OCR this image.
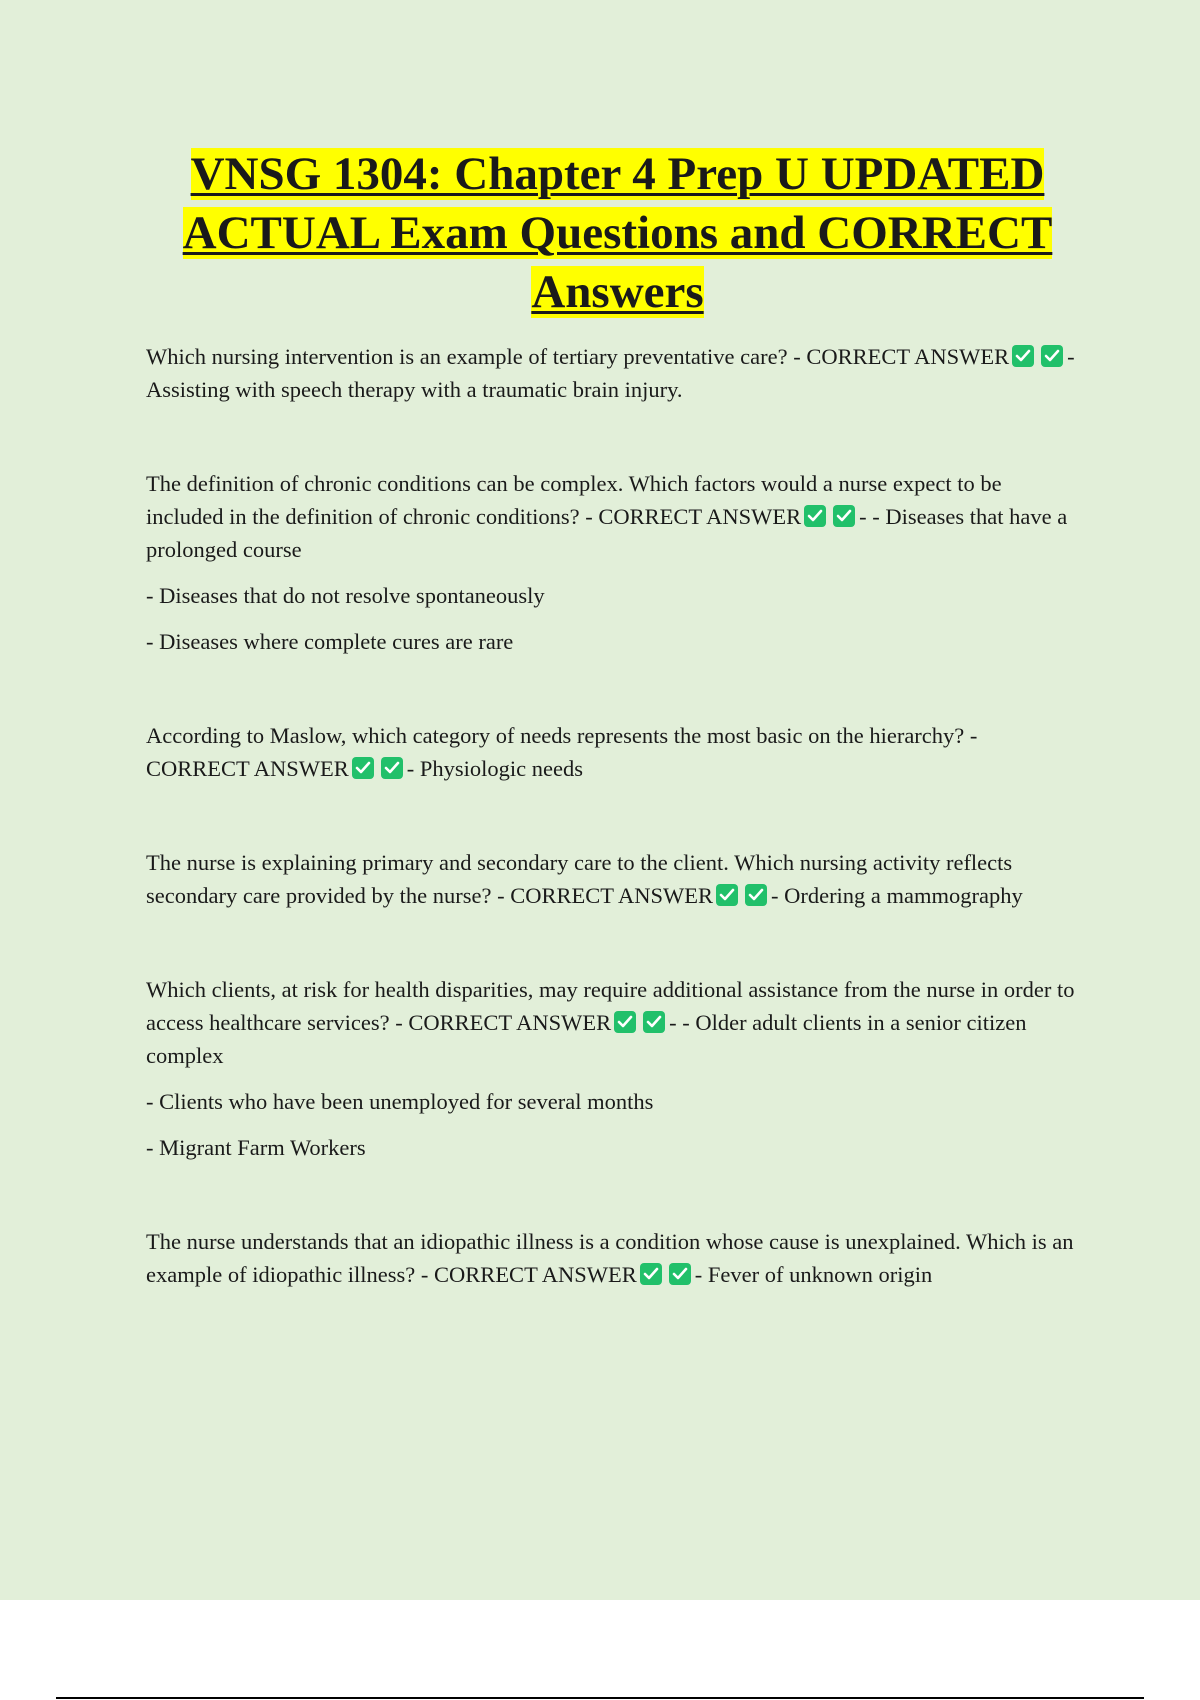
VNSG 1304: Chapter 4 Prep U UPDATED ACTUAL Exam Questions and CORRECT Answers

Which nursing intervention is an example of tertiary preventative care? - CORRECT ANSWER	- Assisting with speech therapy with a traumatic brain injury.

The definition of chronic conditions can be complex. Which factors would a nurse expect to be included in the definition of chronic conditions? - CORRECT ANSWER	- - Diseases that have a prolonged course

- Diseases that do not resolve spontaneously

- Diseases where complete cures are rare

According to Maslow, which category of needs represents the most basic on the hierarchy? - CORRECT ANSWER	- Physiologic needs

The nurse is explaining primary and secondary care to the client. Which nursing activity reflects secondary care provided by the nurse? - CORRECT ANSWER	- Ordering a mammography

Which clients, at risk for health disparities, may require additional assistance from the nurse in order to access healthcare services? - CORRECT ANSWER	- - Older adult clients in a senior citizen complex

- Clients who have been unemployed for several months

- Migrant Farm Workers

The nurse understands that an idiopathic illness is a condition whose cause is unexplained. Which is an example of idiopathic illness? - CORRECT ANSWER	- Fever of unknown origin
